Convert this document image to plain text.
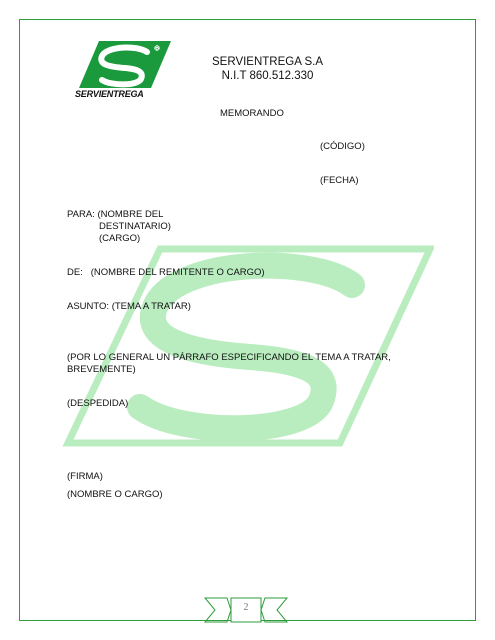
R
SERVIENTREGA
SERVIENTREGA S.A
N.I.T 860.512.330
MEMORANDO
(CÓDIGO)
(FECHA)
PARA: (NOMBRE DEL
DESTINATARIO)
(CARGO)
DE:   (NOMBRE DEL REMITENTE O CARGO)
ASUNTO: (TEMA A TRATAR)
(POR LO GENERAL UN PÁRRAFO ESPECIFICANDO EL TEMA A TRATAR,
BREVEMENTE)
(DESPEDIDA)
(FIRMA)
(NOMBRE O CARGO)
2
